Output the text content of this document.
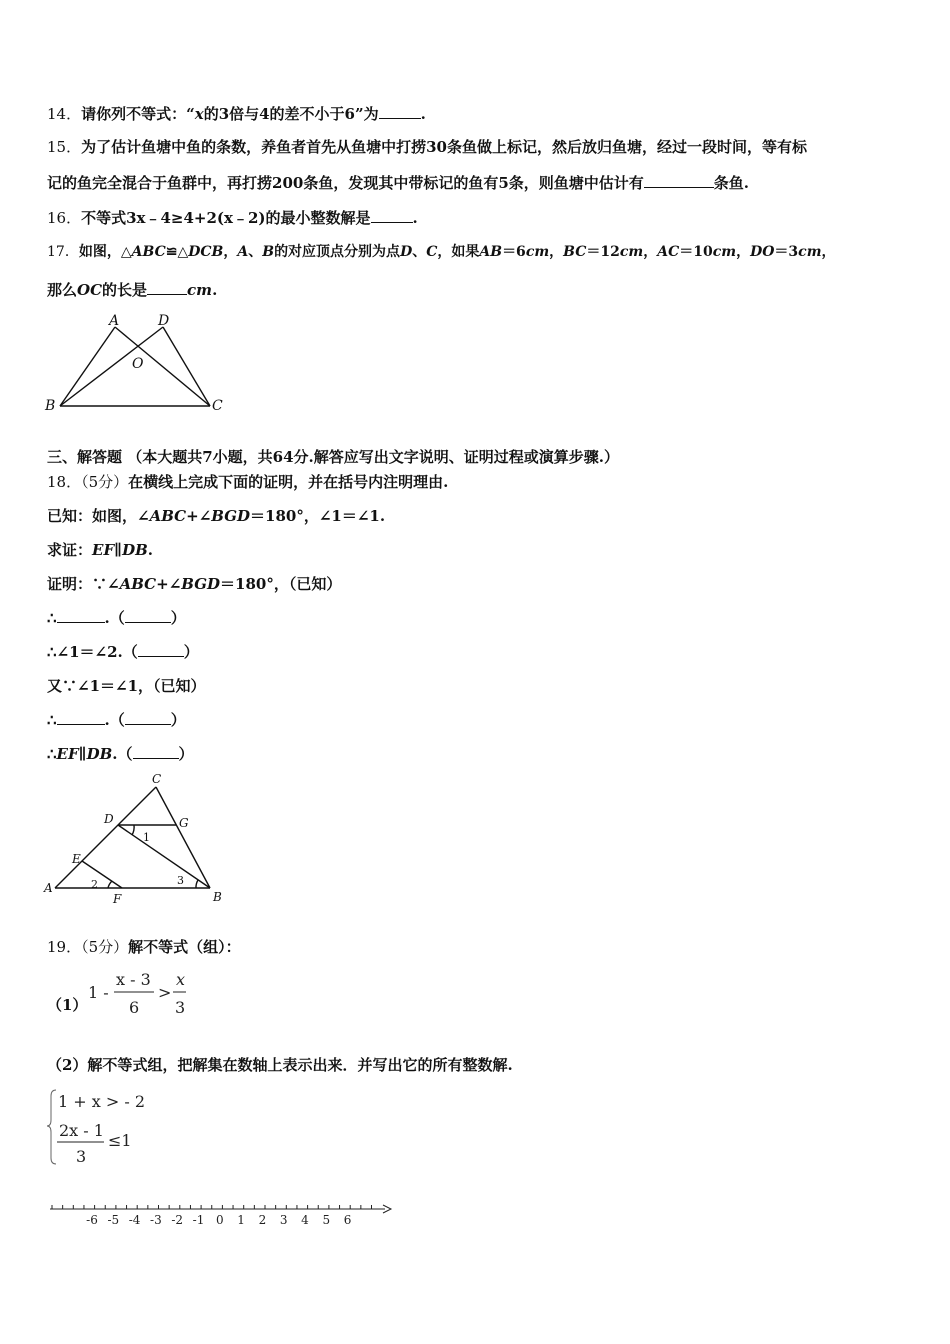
14．请你列不等式：“x的3倍与4的差不小于6”为	.
15．为了估计鱼塘中鱼的条数，养鱼者首先从鱼塘中打捞30条鱼做上标记，然后放归鱼塘，经过一段时间，等有标
记的鱼完全混合于鱼群中，再打捞200条鱼，发现其中带标记的鱼有5条，则鱼塘中估计有	条鱼.
16．不等式3x﹣4≥4+2(x﹣2)的最小整数解是	.
17．如图，△ABC≌△DCB，A、B的对应顶点分别为点D、C，如果AB＝6cm，BC＝12cm，AC＝10cm，DO＝3cm，
那么OC的长是	cm.
A	D
O
B	C
三、解答题 （本大题共7小题，共64分.解答应写出文字说明、证明过程或演算步骤.）
18．（5分）在横线上完成下面的证明，并在括号内注明理由.
已知：如图，∠ABC+∠BGD＝180°，∠1＝∠1.
求证：EF∥DB.
证明：∵∠ABC+∠BGD＝180°，（已知）
∴	.（	）
∴∠1＝∠2.（	）
又∵∠1＝∠1，（已知）
∴	.（	）
∴EF∥DB.（	）
C
D	G
E
A
F	B
1
2	3
19．（5分）解不等式（组）：
（1）
1 -
x - 3
6
>
x
3
（2）解不等式组，把解集在数轴上表示出来．并写出它的所有整数解.
1 + x > - 2
2x - 1
3
≤1
-6 -5 -4 -3 -2 -1 0 1 2 3 4 5 6
